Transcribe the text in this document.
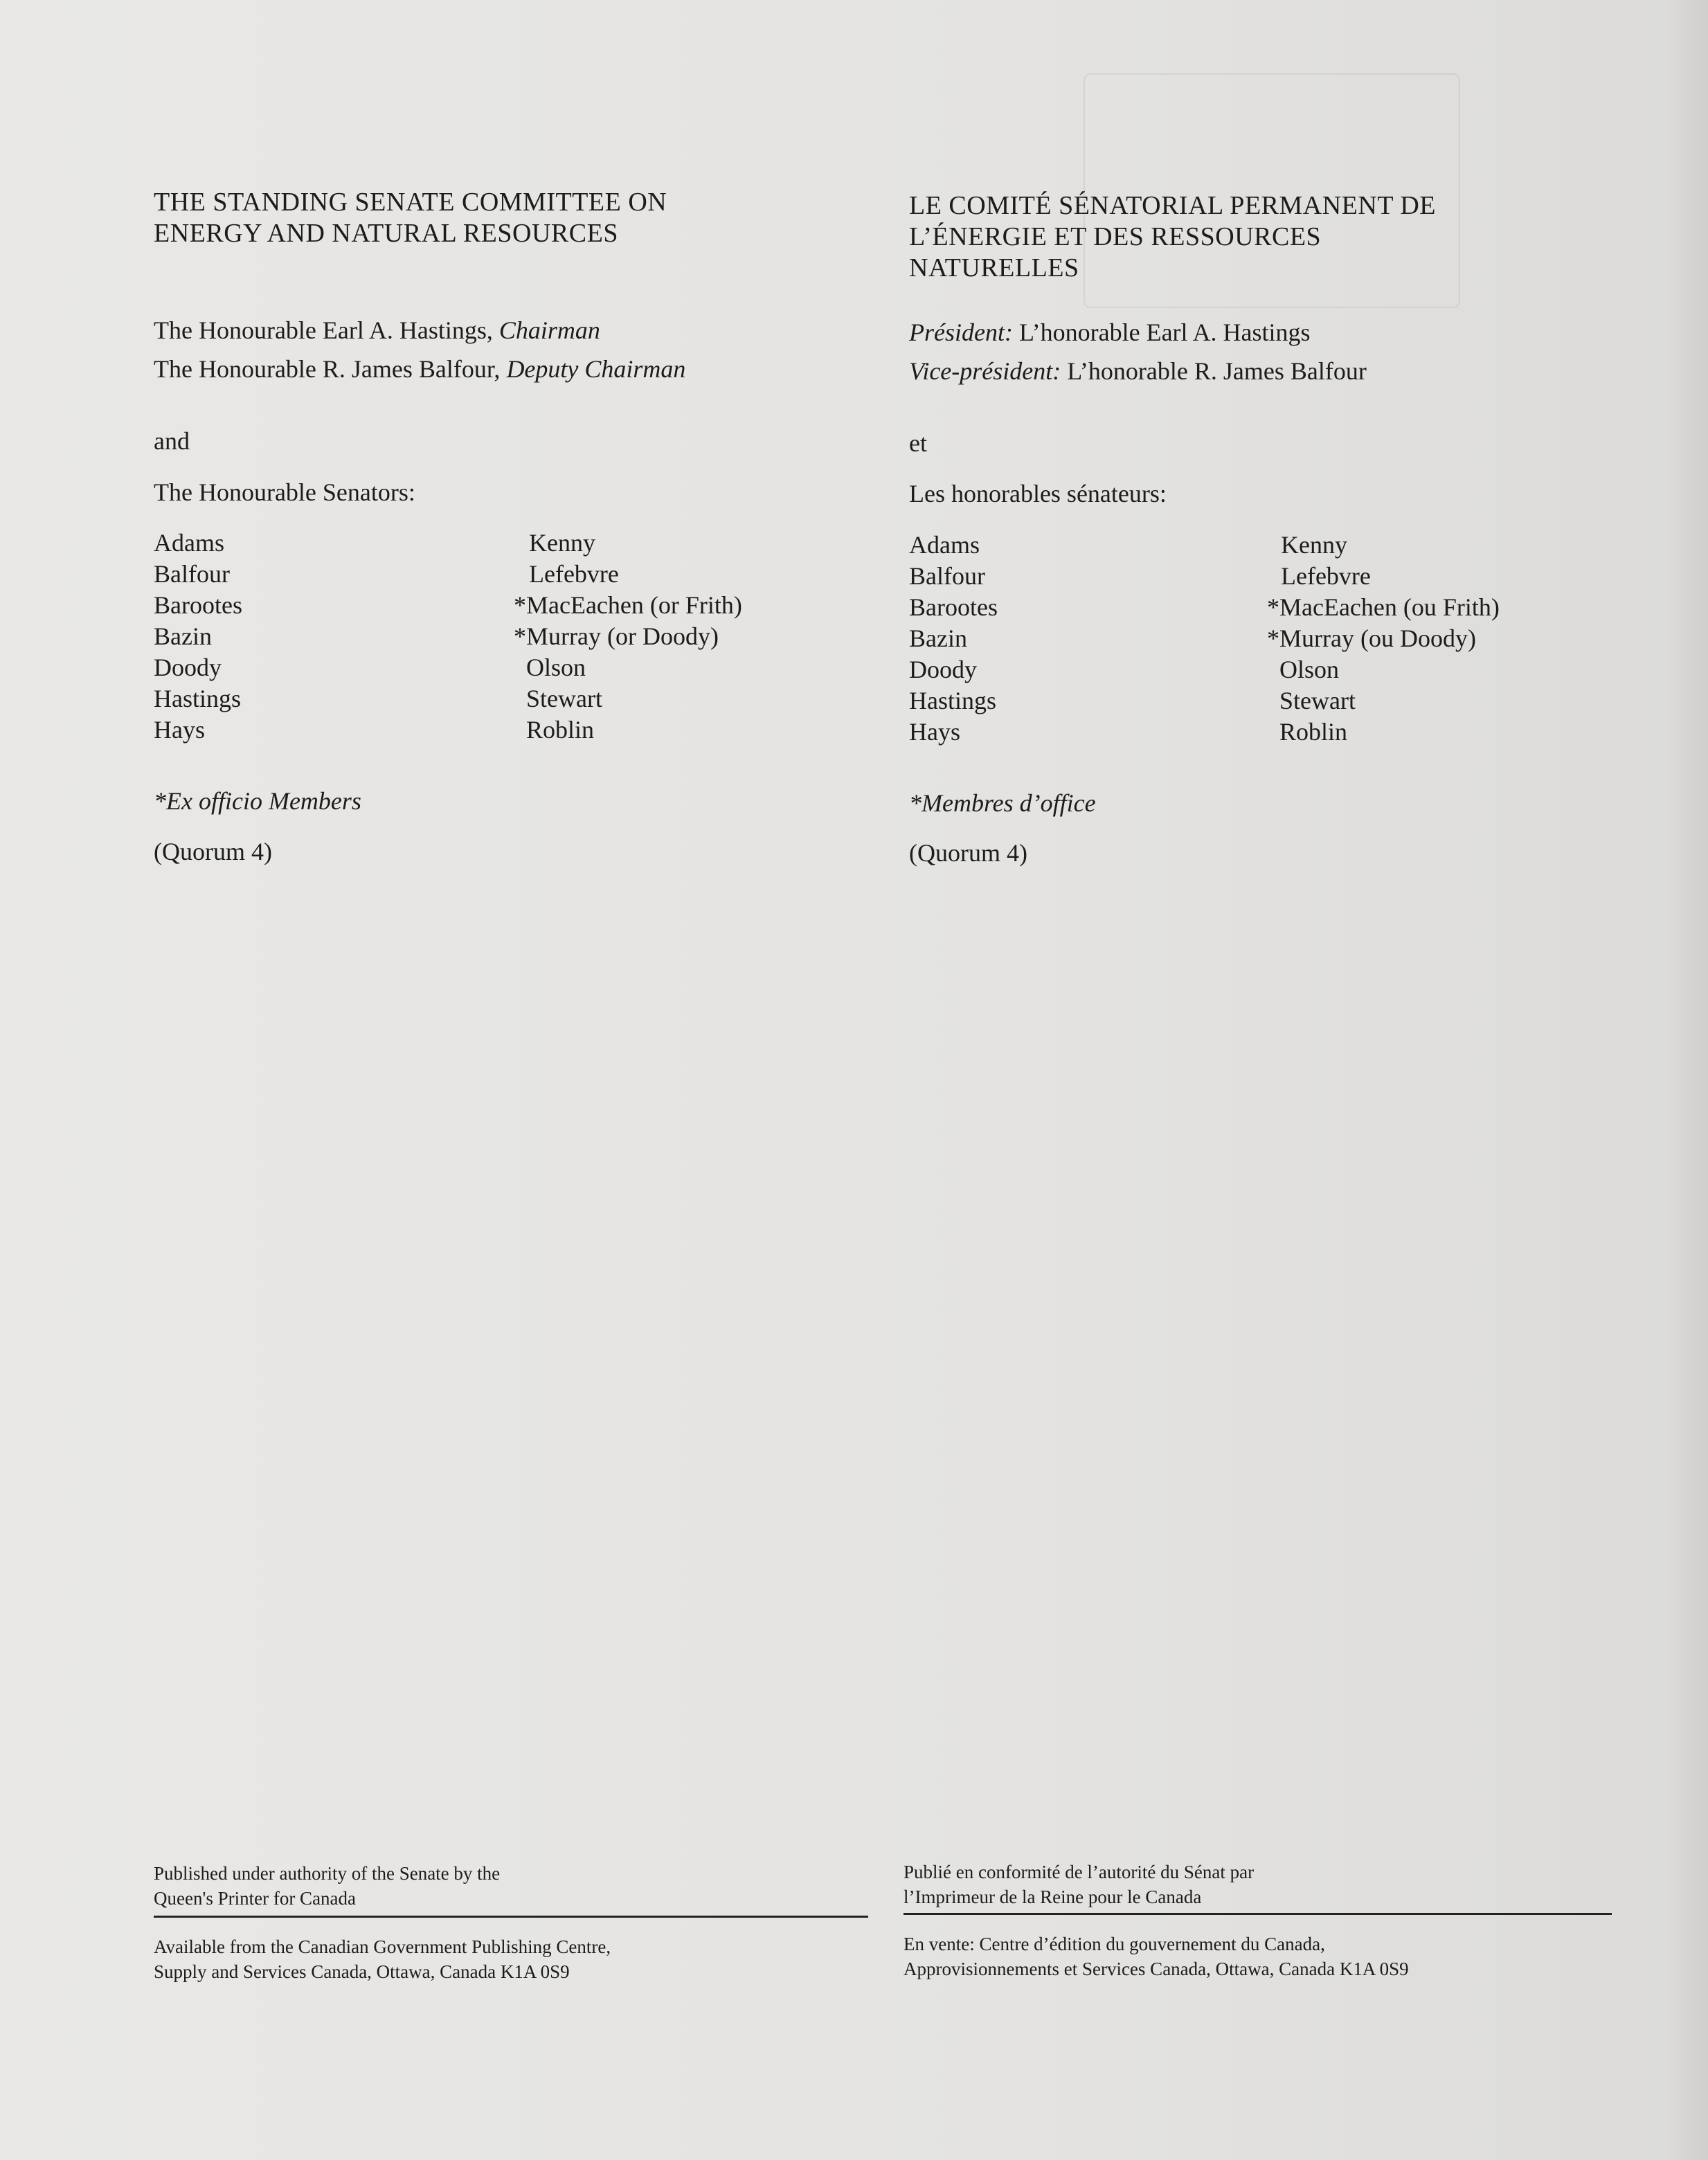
THE STANDING SENATE COMMITTEE ON
ENERGY AND NATURAL RESOURCES
The Honourable Earl A. Hastings, Chairman
The Honourable R. James Balfour, Deputy Chairman
and
The Honourable Senators:
Adams
Balfour
Barootes
Bazin
Doody
Hastings
Hays
Kenny
Lefebvre
*MacEachen (or Frith)
*Murray (or Doody)
Olson
Stewart
Roblin
*Ex officio Members
(Quorum 4)
LE COMITÉ SÉNATORIAL PERMANENT DE
L’ÉNERGIE ET DES RESSOURCES
NATURELLES
Président: L’honorable Earl A. Hastings
Vice-président: L’honorable R. James Balfour
et
Les honorables sénateurs:
Adams
Balfour
Barootes
Bazin
Doody
Hastings
Hays
Kenny
Lefebvre
*MacEachen (ou Frith)
*Murray (ou Doody)
Olson
Stewart
Roblin
*Membres d’office
(Quorum 4)
Published under authority of the Senate by the
Queen's Printer for Canada
Available from the Canadian Government Publishing Centre,
Supply and Services Canada, Ottawa, Canada K1A 0S9
Publié en conformité de l’autorité du Sénat par
l’Imprimeur de la Reine pour le Canada
En vente: Centre d’édition du gouvernement du Canada,
Approvisionnements et Services Canada, Ottawa, Canada K1A 0S9
